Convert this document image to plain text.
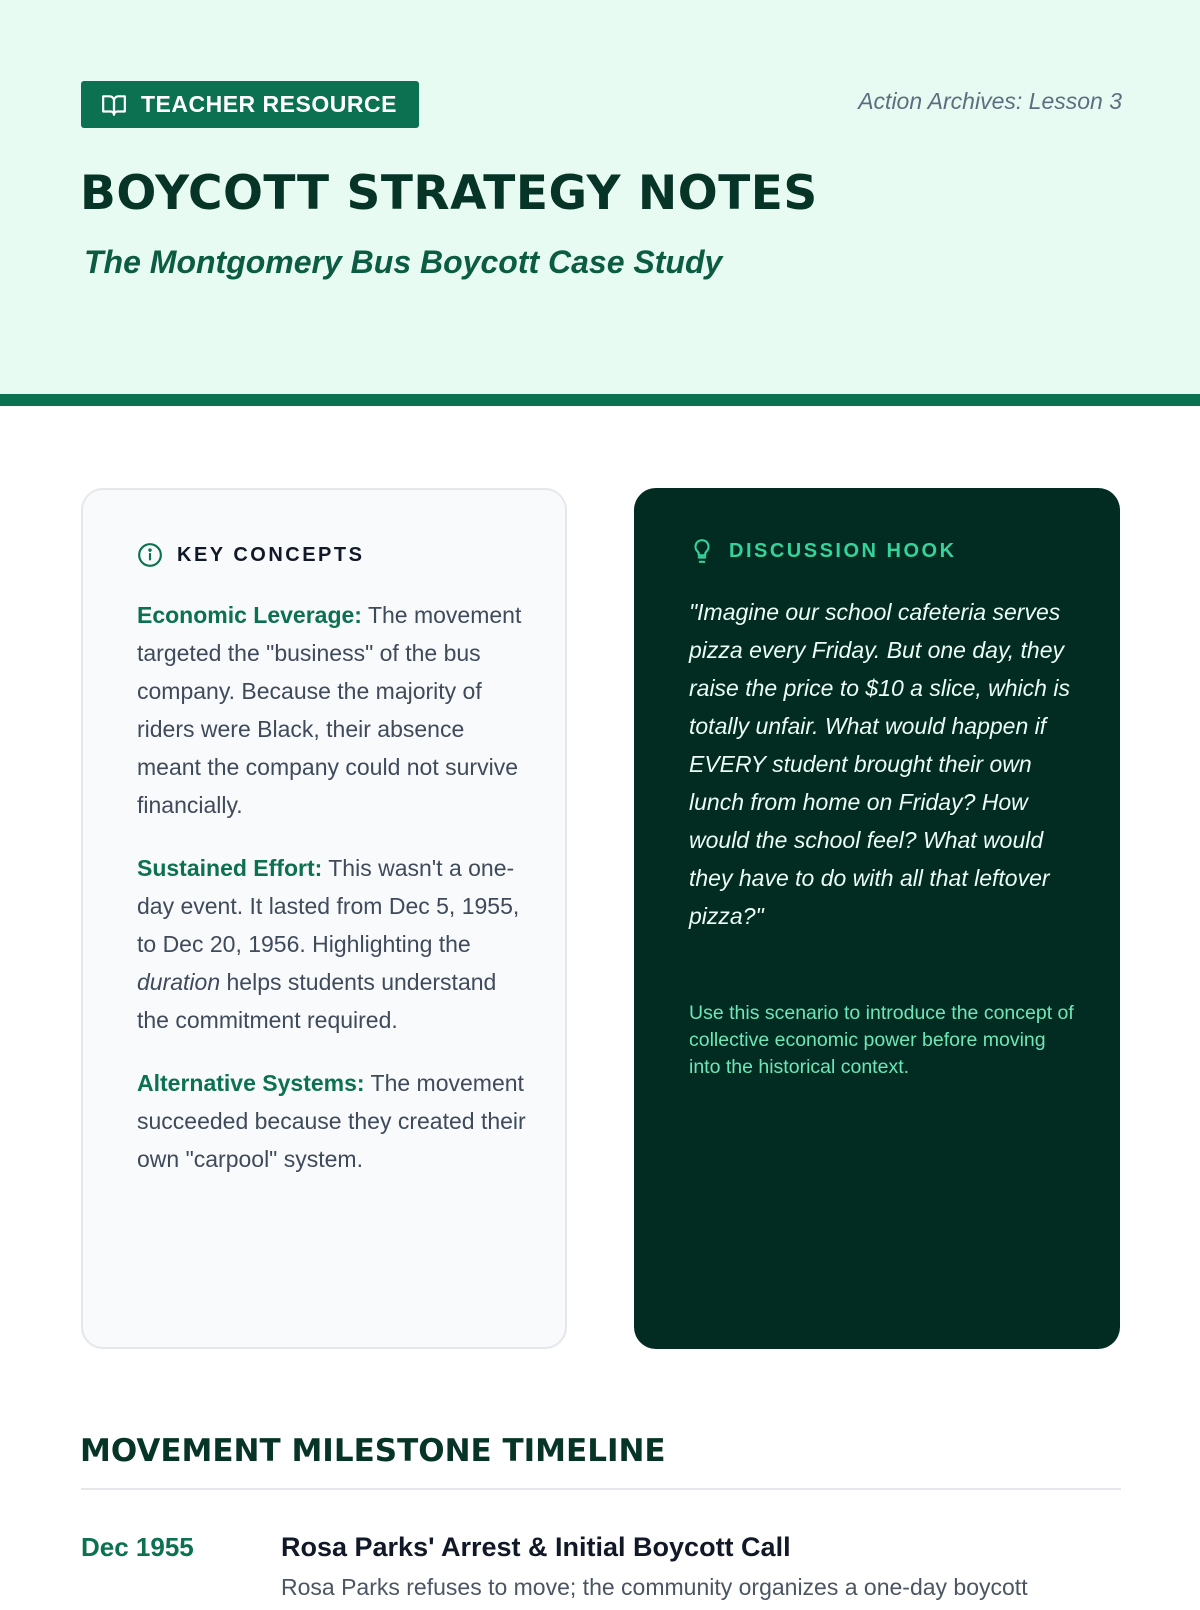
TEACHER RESOURCE	Action Archives: Lesson 3
BOYCOTT STRATEGY NOTES
The Montgomery Bus Boycott Case Study
KEY CONCEPTS

Economic Leverage: The movement targeted the "business" of the bus company. Because the majority of riders were Black, their absence meant the company could not survive financially.

Sustained Effort: This wasn't a one-day event. It lasted from Dec 5, 1955, to Dec 20, 1956. Highlighting the duration helps students understand the commitment required.

Alternative Systems: The movement succeeded because they created their own "carpool" system.

DISCUSSION HOOK

"Imagine our school cafeteria serves pizza every Friday. But one day, they raise the price to $10 a slice, which is totally unfair. What would happen if EVERY student brought their own lunch from home on Friday? How would the school feel? What would they have to do with all that leftover pizza?"

Use this scenario to introduce the concept of collective economic power before moving into the historical context.

MOVEMENT MILESTONE TIMELINE
Dec 1955	Rosa Parks' Arrest & Initial Boycott Call
Rosa Parks refuses to move; the community organizes a one-day boycott
